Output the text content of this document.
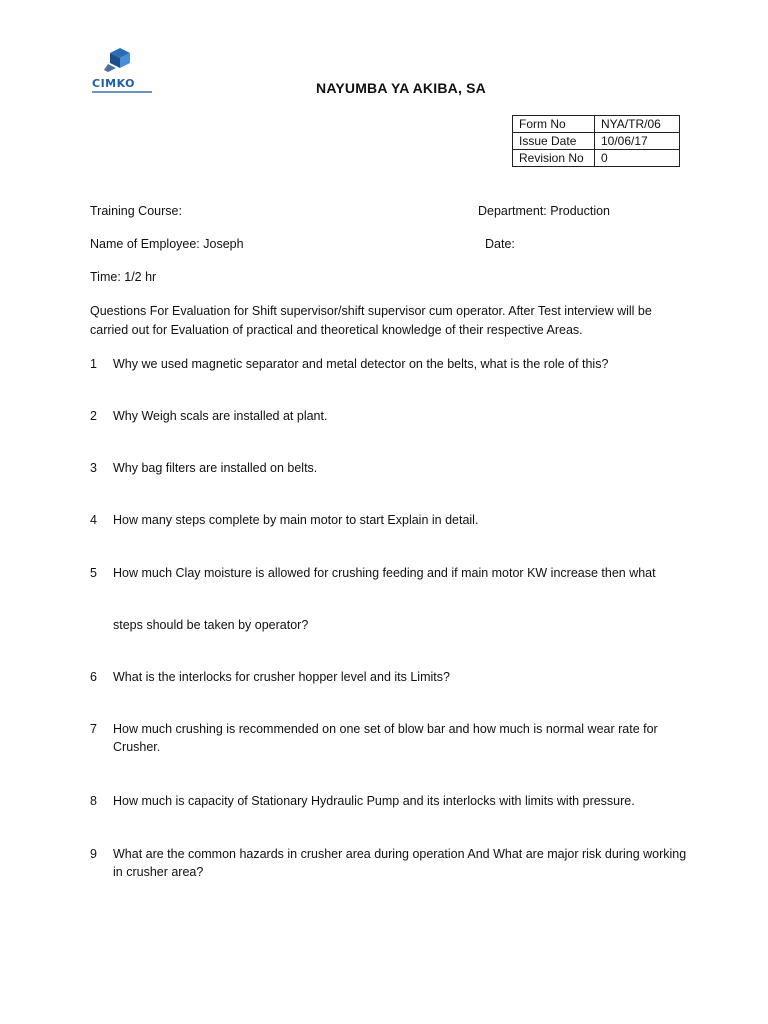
CIMKO	NAYUMBA YA AKIBA, SA
Form No	NYA/TR/06
Issue Date	10/06/17
Revision No	0
Training Course:	Department: Production
Name of Employee: Joseph	Date:
Time: 1/2 hr
Questions For Evaluation for Shift supervisor/shift supervisor cum operator. After Test interview will be carried out for Evaluation of practical and theoretical knowledge of their respective Areas.
1 Why we used magnetic separator and metal detector on the belts, what is the role of this?
2 Why Weigh scals are installed at plant.
3 Why bag filters are installed on belts.
4 How many steps complete by main motor to start Explain in detail.
5 How much Clay moisture is allowed for crushing feeding and if main motor KW increase then what
steps should be taken by operator?
6 What is the interlocks for crusher hopper level and its Limits?
7 How much crushing is recommended on one set of blow bar and how much is normal wear rate for Crusher.
8 How much is capacity of Stationary Hydraulic Pump and its interlocks with limits with pressure.
9 What are the common hazards in crusher area during operation And What are major risk during working in crusher area?
